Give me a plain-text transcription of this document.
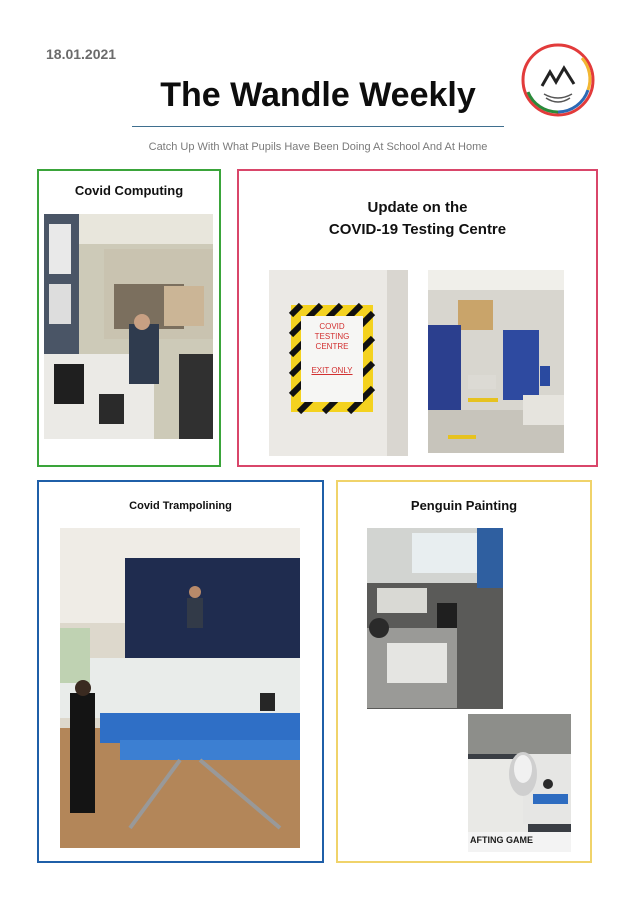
18.01.2021
The Wandle Weekly
Catch Up With What Pupils Have Been Doing At School And At Home
Covid Computing
Update on the
COVID-19 Testing Centre
COVID
TESTING
CENTRE
EXIT ONLY
Covid Trampolining	Penguin Painting
AFTING GAME
